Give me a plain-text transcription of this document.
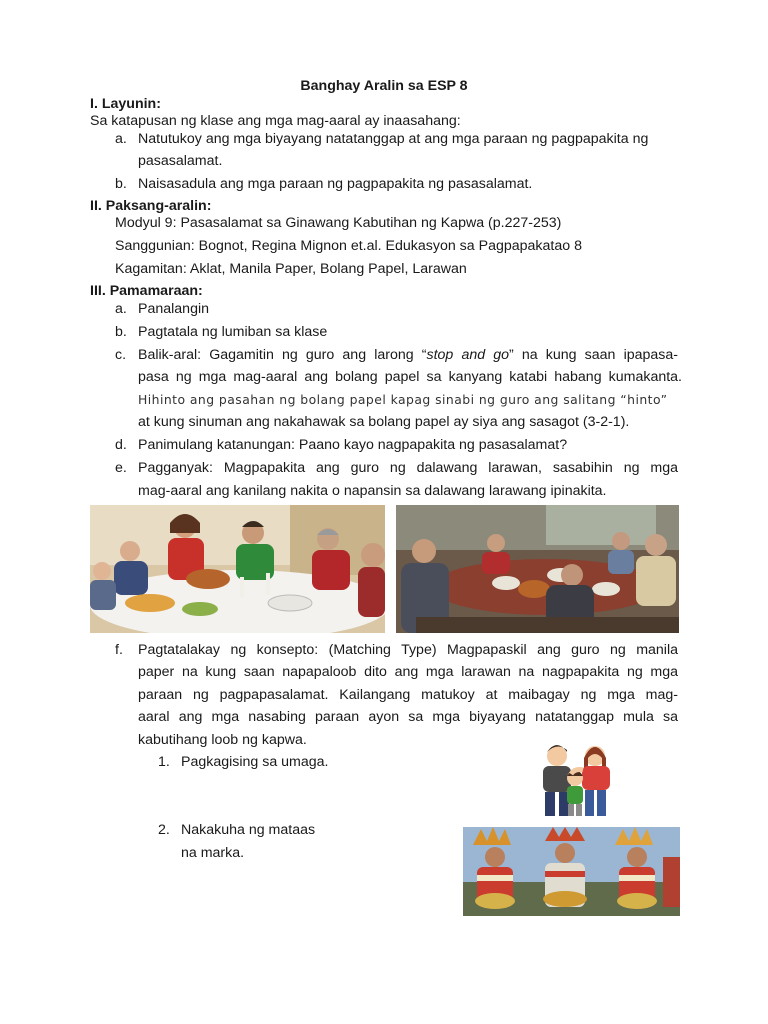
Banghay Aralin sa ESP 8
I. Layunin:
Sa katapusan ng klase ang mga mag-aaral ay inaasahang:
a. Natutukoy ang mga biyayang natatanggap at ang mga paraan ng pagpapakita ng
pasasalamat.
b. Naisasadula ang mga paraan ng pagpapakita ng pasasalamat.
II. Paksang-aralin:
Modyul 9: Pasasalamat sa Ginawang Kabutihan ng Kapwa (p.227-253)
Sanggunian: Bognot, Regina Mignon et.al. Edukasyon sa Pagpapakatao 8
Kagamitan: Aklat, Manila Paper, Bolang Papel, Larawan
III. Pamamaraan:
a. Panalangin
b. Pagtatala ng lumiban sa klase
c. Balik-aral: Gagamitin ng guro ang larong “stop and go” na kung saan ipapasa-
pasa ng mga mag-aaral ang bolang papel sa kanyang katabi habang kumakanta.
Hihinto ang pasahan ng bolang papel kapag sinabi ng guro ang salitang “hinto”
at kung sinuman ang nakahawak sa bolang papel ay siya ang sasagot (3-2-1).
d. Panimulang katanungan: Paano kayo nagpapakita ng pasasalamat?
e. Pagganyak: Magpapakita ang guro ng dalawang larawan, sasabihin ng mga
mag-aaral ang kanilang nakita o napansin sa dalawang larawang ipinakita.
f. Pagtatalakay ng konsepto: (Matching Type) Magpapaskil ang guro ng manila
paper na kung saan napapaloob dito ang mga larawan na nagpapakita ng mga
paraan ng pagpapasalamat. Kailangang matukoy at maibagay ng mga mag-
aaral ang mga nasabing paraan ayon sa mga biyayang natatanggap mula sa
kabutihang loob ng kapwa.
1. Pagkagising sa umaga.
2. Nakakuha ng mataas
na marka.
